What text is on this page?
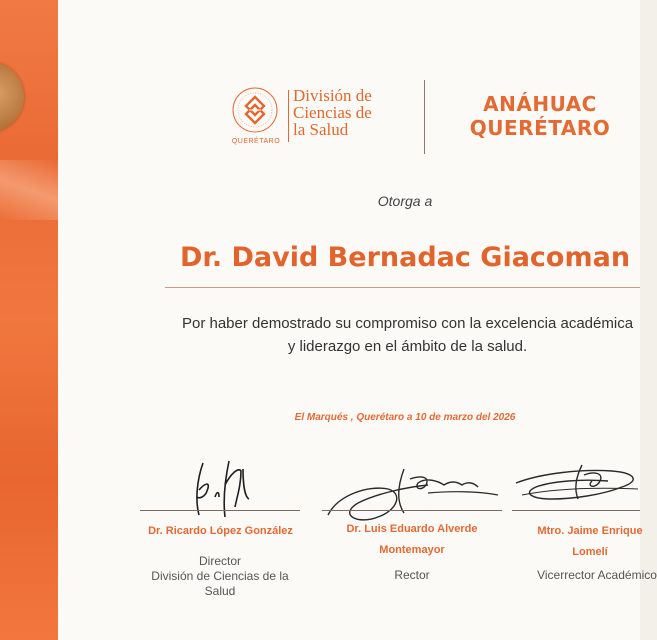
QUERÉTARO
División de
Ciencias de
la Salud
ANÁHUAC
QUERÉTARO
Otorga a
Dr. David Bernadac Giacoman
Por haber demostrado su compromiso con la excelencia académica y liderazgo en el ámbito de la salud.
El Marqués , Querétaro a 10 de marzo del 2026
Dr. Ricardo López González
Director
División de Ciencias de la Salud
Dr. Luis Eduardo Alverde Montemayor
Rector
Mtro. Jaime Enrique Lomelí
Vicerrector Académico
